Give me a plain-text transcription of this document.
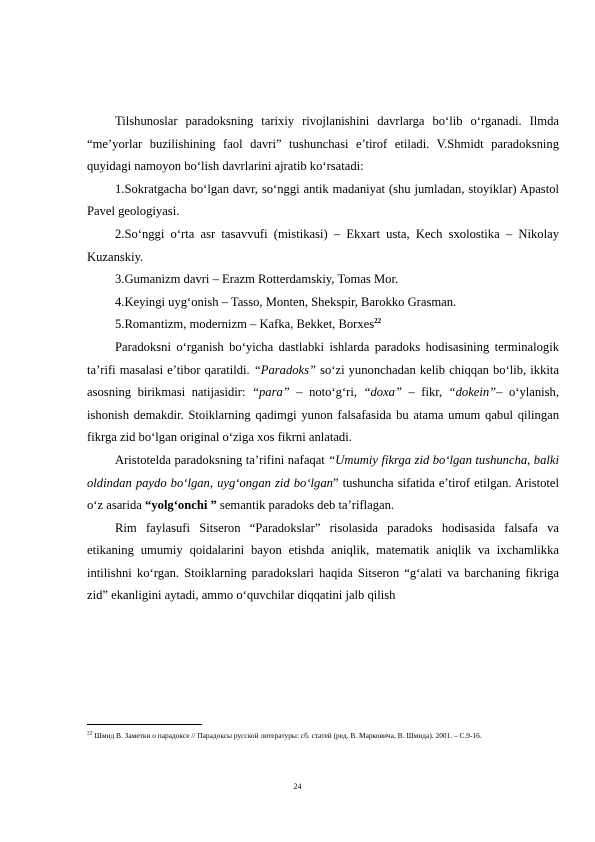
Tilshunoslar paradoksning tarixiy rivojlanishini davrlarga bo‘lib o‘rganadi. Ilmda “me’yorlar buzilishining faol davri” tushunchasi e’tirof etiladi. V.Shmidt paradoksning quyidagi namoyon bo‘lish davrlarini ajratib ko‘rsatadi:

1.Sokratgacha bo‘lgan davr, so‘nggi antik madaniyat (shu jumladan, stoyiklar) Apastol Pavel geologiyasi.

2.So‘nggi o‘rta asr tasavvufi (mistikasi) – Ekxart usta, Kech sxolostika – Nikolay Kuzanskiy.

3.Gumanizm davri – Erazm Rotterdamskiy, Tomas Mor.

4.Keyingi uyg‘onish – Tasso, Monten, Shekspir, Barokko Grasman.

5.Romantizm, modernizm – Kafka, Bekket, Borxes$^{22}$

Paradoksni o‘rganish bo‘yicha dastlabki ishlarda paradoks hodisasining terminalogik ta’rifi masalasi e’tibor qaratildi. “Paradoks” so‘zi yunonchadan kelib chiqqan bo‘lib, ikkita asosning birikmasi natijasidir: “para” – noto‘g‘ri, “doxa” – fikr, “dokein”– o‘ylanish, ishonish demakdir. Stoiklarning qadimgi yunon falsafasida bu atama umum qabul qilingan fikrga zid bo‘lgan original o‘ziga xos fikrni anlatadi.

Aristotelda paradoksning ta’rifini nafaqat “Umumiy fikrga zid bo‘lgan tushuncha, balki oldindan paydo bo‘lgan, uyg‘ongan zid bo‘lgan” tushuncha sifatida e’tirof etilgan. Aristotel o‘z asarida “yolg‘onchi ” semantik paradoks deb ta’riflagan.

Rim faylasufi Sitseron “Paradokslar” risolasida paradoks hodisasida falsafa va etikaning umumiy qoidalarini bayon etishda aniqlik, matematik aniqlik va ixchamlikka intilishni ko‘rgan. Stoiklarning paradokslari haqida Sitseron “g‘alati va barchaning fikriga zid” ekanligini aytadi, ammo o‘quvchilar diqqatini jalb qilish

$^{22}$ Шмид В. Заметки о парадоксе // Парадоксы русской литературы: сб. статей (ред. В. Марковича, В. Шмида). 2001. – С.9-16.
24
